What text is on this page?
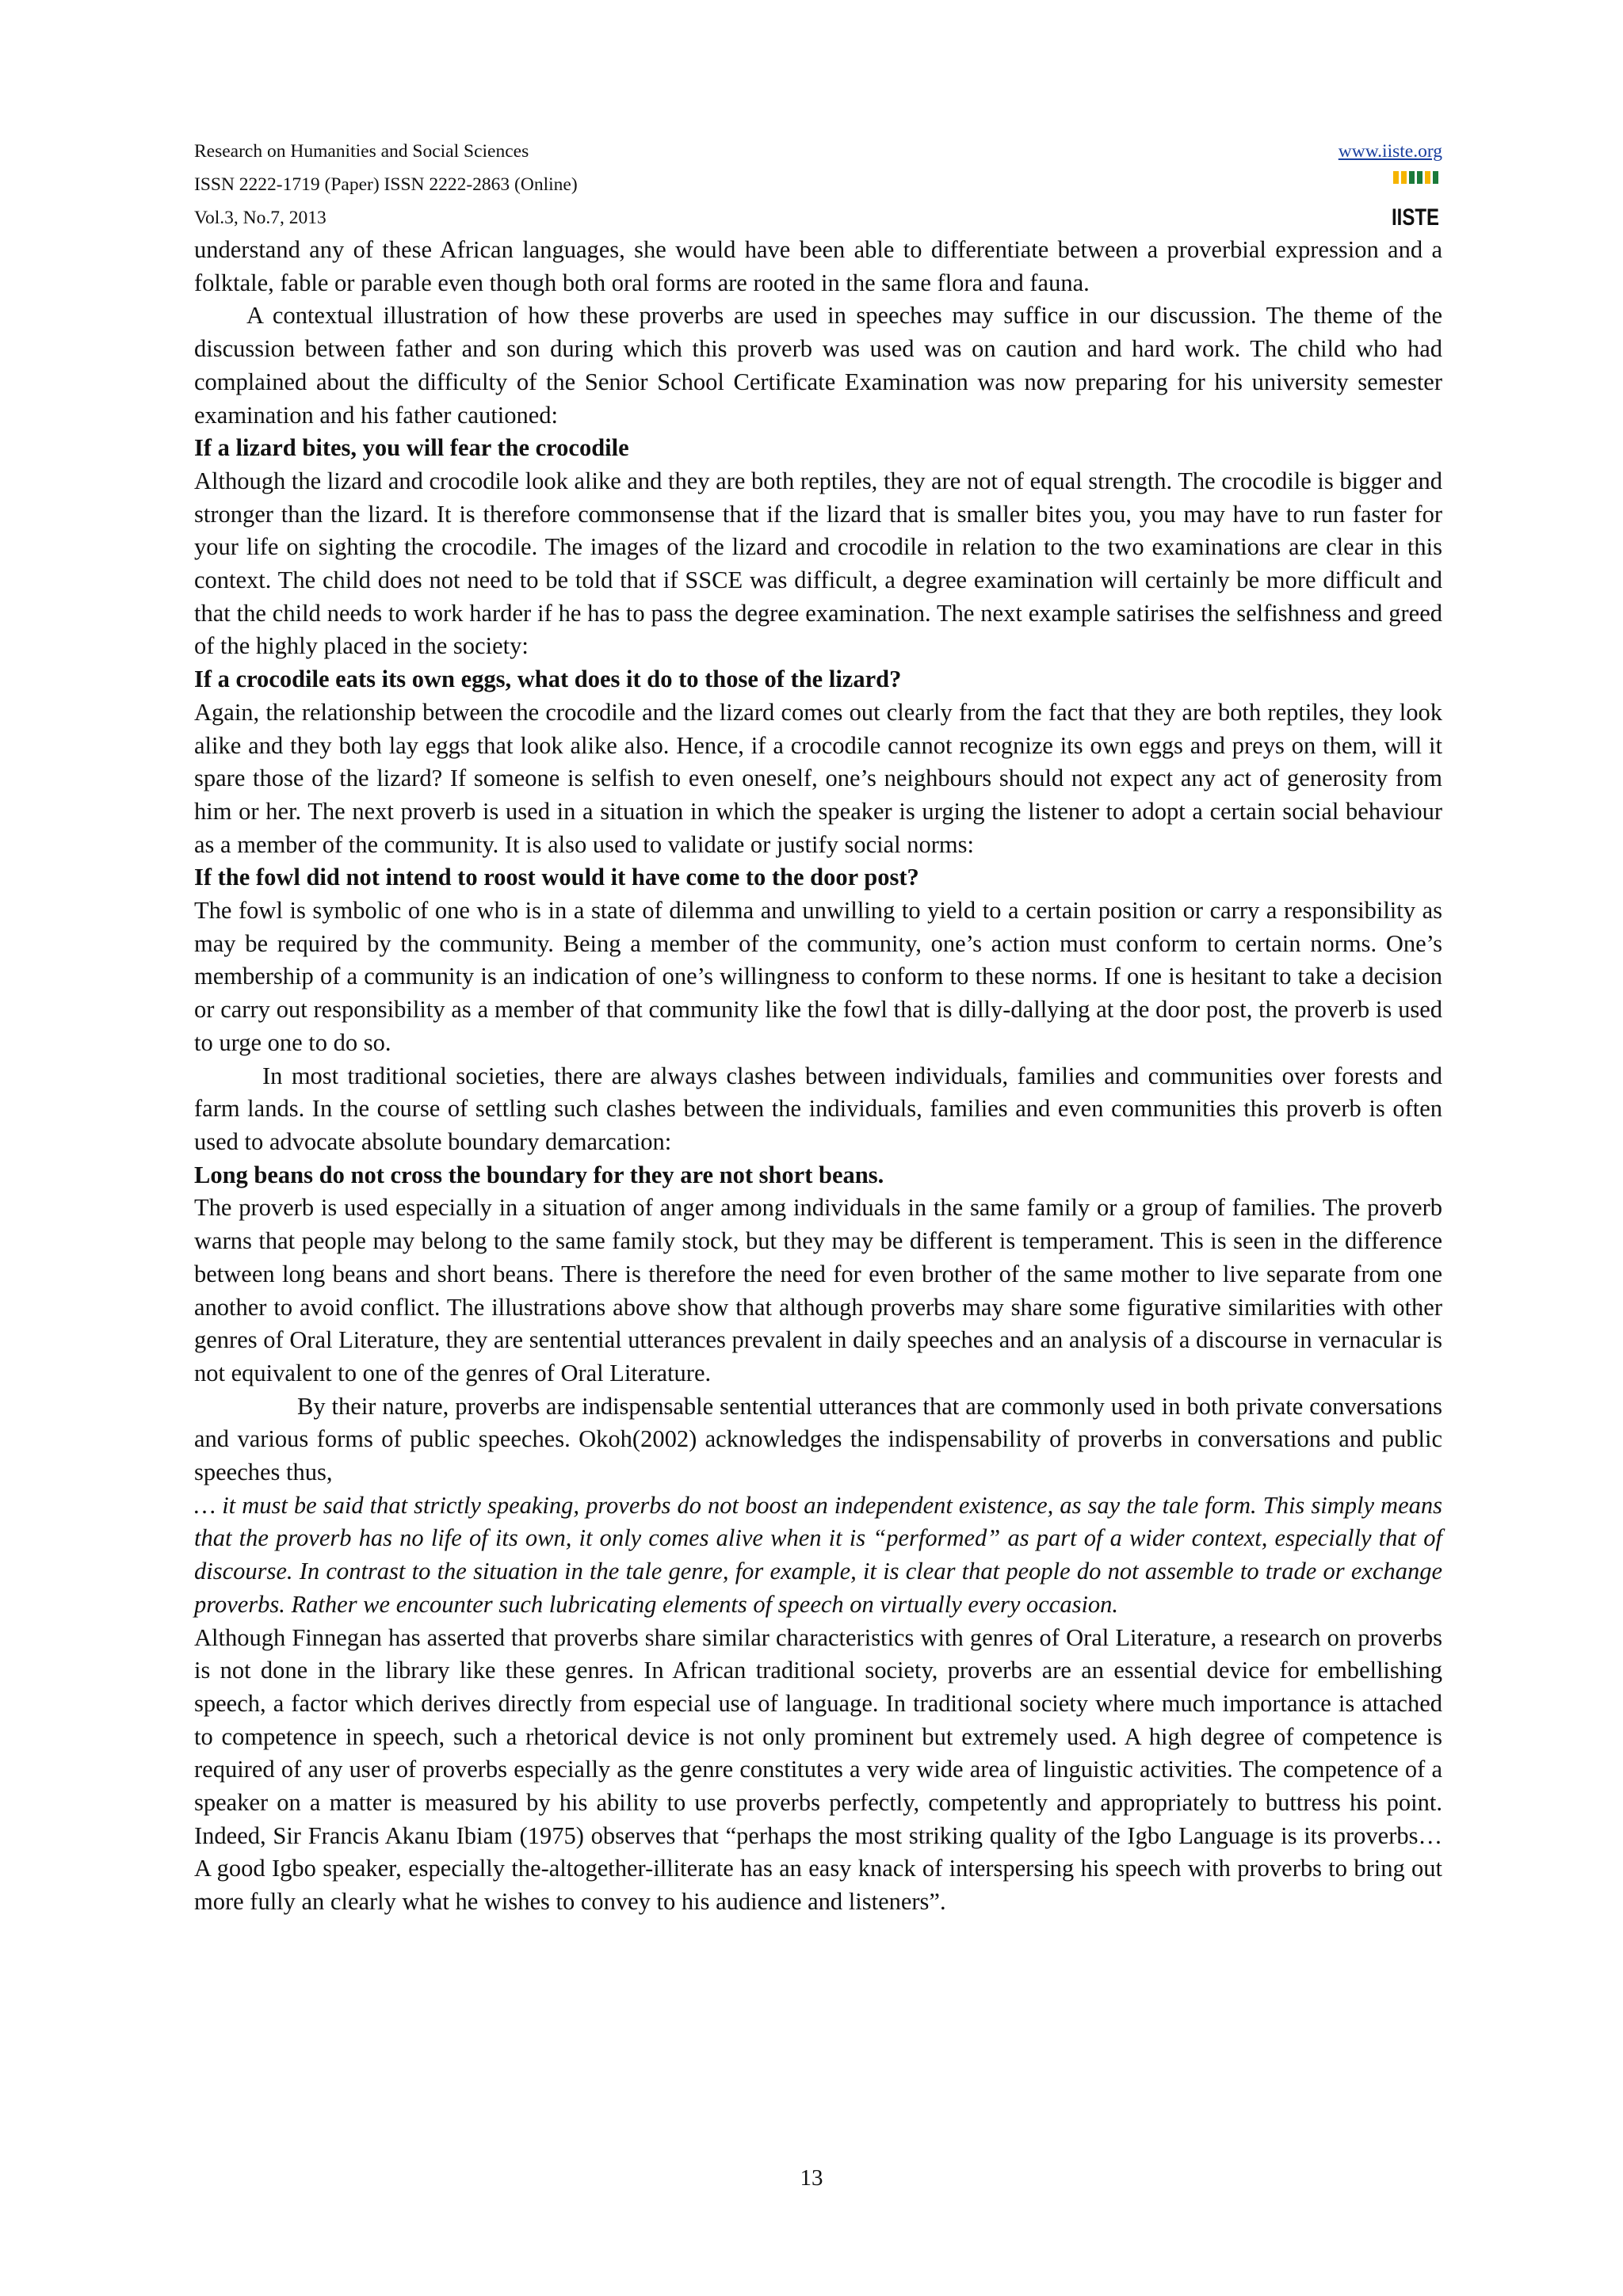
Research on Humanities and Social Sciences
ISSN 2222-1719 (Paper) ISSN 2222-2863 (Online)
Vol.3, No.7, 2013
www.iiste.org
IISTE

understand any of these African languages, she would have been able to differentiate between a proverbial expression and a folktale, fable or parable even though both oral forms are rooted in the same flora and fauna.

A contextual illustration of how these proverbs are used in speeches may suffice in our discussion. The theme of the discussion between father and son during which this proverb was used was on caution and hard work. The child who had complained about the difficulty of the Senior School Certificate Examination was now preparing for his university semester examination and his father cautioned:

If a lizard bites, you will fear the crocodile

Although the lizard and crocodile look alike and they are both reptiles, they are not of equal strength. The crocodile is bigger and stronger than the lizard. It is therefore commonsense that if the lizard that is smaller bites you, you may have to run faster for your life on sighting the crocodile. The images of the lizard and crocodile in relation to the two examinations are clear in this context. The child does not need to be told that if SSCE was difficult, a degree examination will certainly be more difficult and that the child needs to work harder if he has to pass the degree examination. The next example satirises the selfishness and greed of the highly placed in the society:

If a crocodile eats its own eggs, what does it do to those of the lizard?

Again, the relationship between the crocodile and the lizard comes out clearly from the fact that they are both reptiles, they look alike and they both lay eggs that look alike also. Hence, if a crocodile cannot recognize its own eggs and preys on them, will it spare those of the lizard? If someone is selfish to even oneself, one’s neighbours should not expect any act of generosity from him or her. The next proverb is used in a situation in which the speaker is urging the listener to adopt a certain social behaviour as a member of the community. It is also used to validate or justify social norms:

If the fowl did not intend to roost would it have come to the door post?

The fowl is symbolic of one who is in a state of dilemma and unwilling to yield to a certain position or carry a responsibility as may be required by the community. Being a member of the community, one’s action must conform to certain norms. One’s membership of a community is an indication of one’s willingness to conform to these norms. If one is hesitant to take a decision or carry out responsibility as a member of that community like the fowl that is dilly-dallying at the door post, the proverb is used to urge one to do so.

In most traditional societies, there are always clashes between individuals, families and communities over forests and farm lands. In the course of settling such clashes between the individuals, families and even communities this proverb is often used to advocate absolute boundary demarcation:

Long beans do not cross the boundary for they are not short beans.

The proverb is used especially in a situation of anger among individuals in the same family or a group of families. The proverb warns that people may belong to the same family stock, but they may be different is temperament. This is seen in the difference between long beans and short beans. There is therefore the need for even brother of the same mother to live separate from one another to avoid conflict. The illustrations above show that although proverbs may share some figurative similarities with other genres of Oral Literature, they are sentential utterances prevalent in daily speeches and an analysis of a discourse in vernacular is not equivalent to one of the genres of Oral Literature.

By their nature, proverbs are indispensable sentential utterances that are commonly used in both private conversations and various forms of public speeches. Okoh(2002) acknowledges the indispensability of proverbs in conversations and public speeches thus,

… it must be said that strictly speaking, proverbs do not boost an independent existence, as say the tale form. This simply means that the proverb has no life of its own, it only comes alive when it is “performed” as part of a wider context, especially that of discourse. In contrast to the situation in the tale genre, for example, it is clear that people do not assemble to trade or exchange proverbs. Rather we encounter such lubricating elements of speech on virtually every occasion.

Although Finnegan has asserted that proverbs share similar characteristics with genres of Oral Literature, a research on proverbs is not done in the library like these genres. In African traditional society, proverbs are an essential device for embellishing speech, a factor which derives directly from especial use of language. In traditional society where much importance is attached to competence in speech, such a rhetorical device is not only prominent but extremely used. A high degree of competence is required of any user of proverbs especially as the genre constitutes a very wide area of linguistic activities. The competence of a speaker on a matter is measured by his ability to use proverbs perfectly, competently and appropriately to buttress his point. Indeed, Sir Francis Akanu Ibiam (1975) observes that “perhaps the most striking quality of the Igbo Language is its proverbs… A good Igbo speaker, especially the-altogether-illiterate has an easy knack of interspersing his speech with proverbs to bring out more fully an clearly what he wishes to convey to his audience and listeners”.

13
